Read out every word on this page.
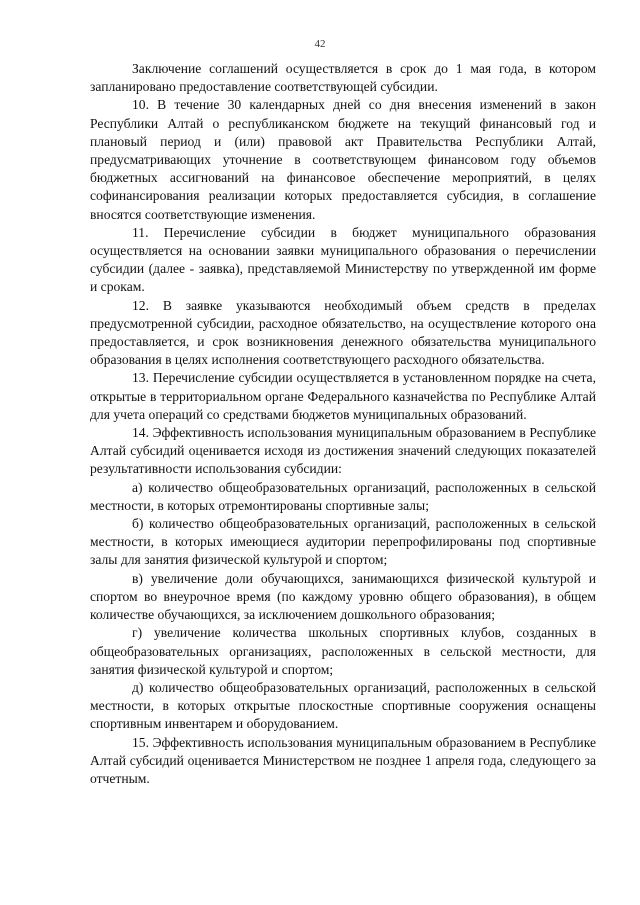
42

Заключение соглашений осуществляется в срок до 1 мая года, в котором запланировано предоставление соответствующей субсидии.

10. В течение 30 календарных дней со дня внесения изменений в закон Республики Алтай о республиканском бюджете на текущий финансовый год и плановый период и (или) правовой акт Правительства Республики Алтай, предусматривающих уточнение в соответствующем финансовом году объемов бюджетных ассигнований на финансовое обеспечение мероприятий, в целях софинансирования реализации которых предоставляется субсидия, в соглашение вносятся соответствующие изменения.

11. Перечисление субсидии в бюджет муниципального образования осуществляется на основании заявки муниципального образования о перечислении субсидии (далее - заявка), представляемой Министерству по утвержденной им форме и срокам.

12. В заявке указываются необходимый объем средств в пределах предусмотренной субсидии, расходное обязательство, на осуществление которого она предоставляется, и срок возникновения денежного обязательства муниципального образования в целях исполнения соответствующего расходного обязательства.

13. Перечисление субсидии осуществляется в установленном порядке на счета, открытые в территориальном органе Федерального казначейства по Республике Алтай для учета операций со средствами бюджетов муниципальных образований.

14. Эффективность использования муниципальным образованием в Республике Алтай субсидий оценивается исходя из достижения значений следующих показателей результативности использования субсидии:

а) количество общеобразовательных организаций, расположенных в сельской местности, в которых отремонтированы спортивные залы;

б) количество общеобразовательных организаций, расположенных в сельской местности, в которых имеющиеся аудитории перепрофилированы под спортивные залы для занятия физической культурой и спортом;

в) увеличение доли обучающихся, занимающихся физической культурой и спортом во внеурочное время (по каждому уровню общего образования), в общем количестве обучающихся, за исключением дошкольного образования;

г) увеличение количества школьных спортивных клубов, созданных в общеобразовательных организациях, расположенных в сельской местности, для занятия физической культурой и спортом;

д) количество общеобразовательных организаций, расположенных в сельской местности, в которых открытые плоскостные спортивные сооружения оснащены спортивным инвентарем и оборудованием.

15. Эффективность использования муниципальным образованием в Республике Алтай субсидий оценивается Министерством не позднее 1 апреля года, следующего за отчетным.
